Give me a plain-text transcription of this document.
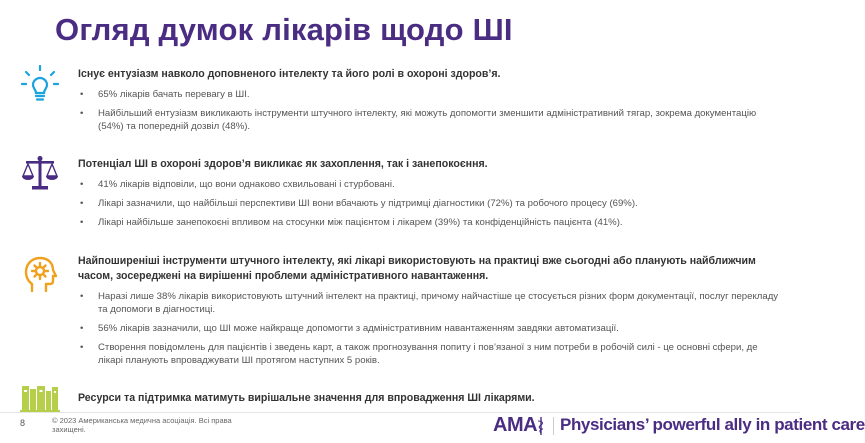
Огляд думок лікарів щодо ШІ

Існує ентузіазм навколо доповненого інтелекту та його ролі в охороні здоров’я.

• 65% лікарів бачать перевагу в ШІ.
• Найбільший ентузіазм викликають інструменти штучного інтелекту, які можуть допомогти зменшити адміністративний тягар, зокрема документацію (54%) та попередній дозвіл (48%).

Потенціал ШІ в охороні здоров’я викликає як захоплення, так і занепокоєння.

• 41% лікарів відповіли, що вони однаково схвильовані і стурбовані.
• Лікарі зазначили, що найбільші перспективи ШІ вони вбачають у підтримці діагностики (72%) та робочого процесу (69%).
• Лікарі найбільше занепокоєні впливом на стосунки між пацієнтом і лікарем (39%) та конфіденційність пацієнта (41%).

Найпоширеніші інструменти штучного інтелекту, які лікарі використовують на практиці вже сьогодні або планують найближчим часом, зосереджені на вирішенні проблеми адміністративного навантаження.

• Наразі лише 38% лікарів використовують штучний інтелект на практиці, причому найчастіше це стосується різних форм документації, послуг перекладу та допомоги в діагностиці.
• 56% лікарів зазначили, що ШІ може найкраще допомогти з адміністративним навантаженням завдяки автоматизації.
• Створення повідомлень для пацієнтів і зведень карт, а також прогнозування попиту і пов’язаної з ним потреби в робочій силі - це основні сфери, де лікарі планують впроваджувати ШІ протягом наступних 5 років.

Ресурси та підтримка матимуть вирішальне значення для впровадження ШІ лікарями.

8	© 2023 Американська медична асоціація. Всі права захищені.	AMA Physicians’ powerful ally in patient care
